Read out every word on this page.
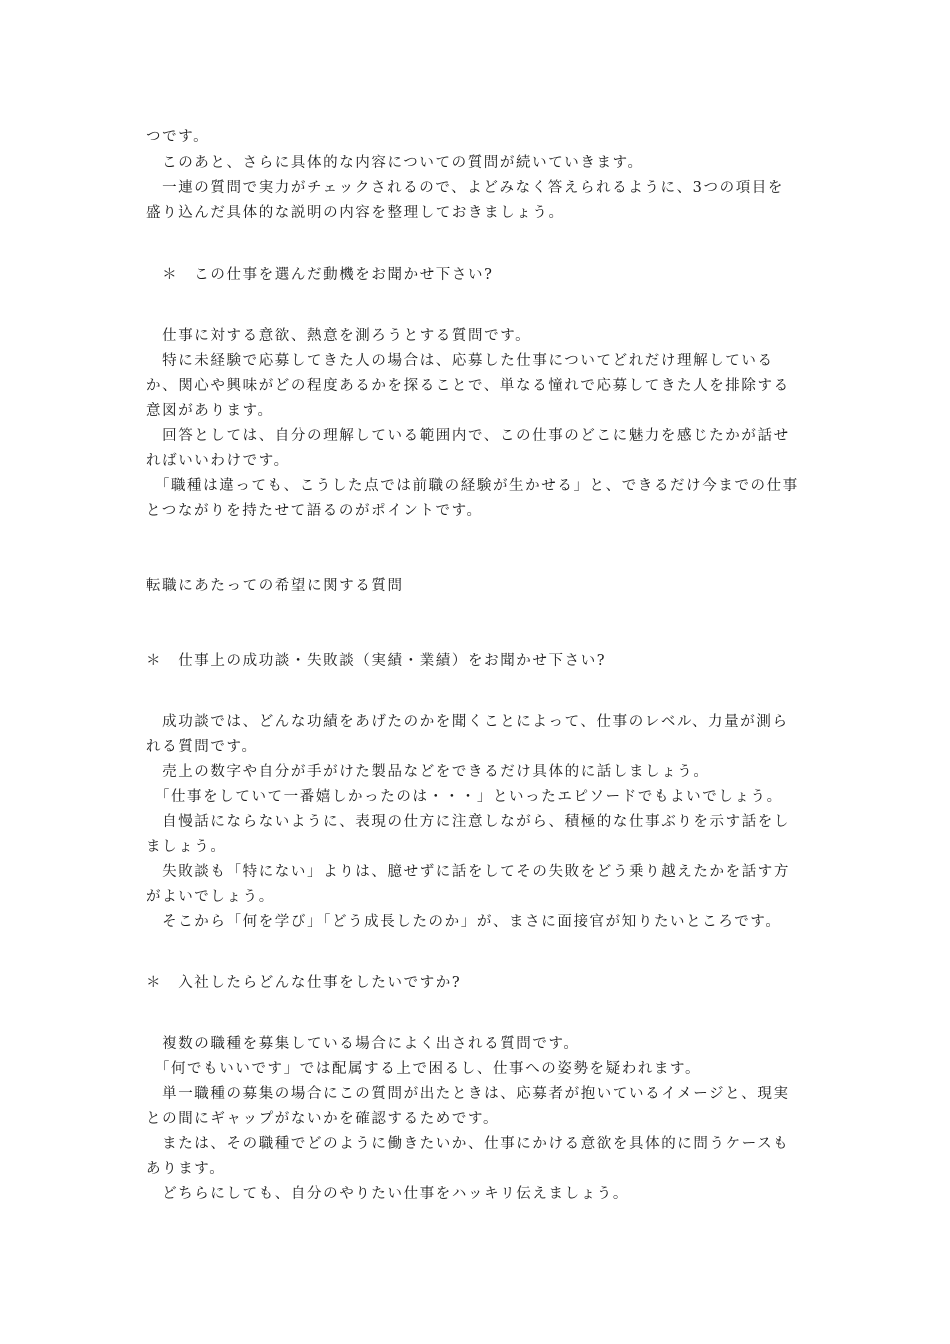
つです。
　このあと、さらに具体的な内容についての質問が続いていきます。
　一連の質問で実力がチェックされるので、よどみなく答えられるように、3つの項目を
盛り込んだ具体的な説明の内容を整理しておきましょう。
　＊　この仕事を選んだ動機をお聞かせ下さい?
　仕事に対する意欲、熱意を測ろうとする質問です。
　特に未経験で応募してきた人の場合は、応募した仕事についてどれだけ理解している
か、関心や興味がどの程度あるかを探ることで、単なる憧れで応募してきた人を排除する
意図があります。
　回答としては、自分の理解している範囲内で、この仕事のどこに魅力を感じたかが話せ
ればいいわけです。
　「職種は違っても、こうした点では前職の経験が生かせる」と、できるだけ今までの仕事
とつながりを持たせて語るのがポイントです。
転職にあたっての希望に関する質問
＊　仕事上の成功談・失敗談（実績・業績）をお聞かせ下さい?
　成功談では、どんな功績をあげたのかを聞くことによって、仕事のレベル、力量が測ら
れる質問です。
　売上の数字や自分が手がけた製品などをできるだけ具体的に話しましょう。
　「仕事をしていて一番嬉しかったのは・・・」といったエピソードでもよいでしょう。
　自慢話にならないように、表現の仕方に注意しながら、積極的な仕事ぶりを示す話をし
ましょう。
　失敗談も「特にない」よりは、臆せずに話をしてその失敗をどう乗り越えたかを話す方
がよいでしょう。
　そこから「何を学び」「どう成長したのか」が、まさに面接官が知りたいところです。
＊　入社したらどんな仕事をしたいですか?
　複数の職種を募集している場合によく出される質問です。
　「何でもいいです」では配属する上で困るし、仕事への姿勢を疑われます。
　単一職種の募集の場合にこの質問が出たときは、応募者が抱いているイメージと、現実
との間にギャップがないかを確認するためです。
　または、その職種でどのように働きたいか、仕事にかける意欲を具体的に問うケースも
あります。
　どちらにしても、自分のやりたい仕事をハッキリ伝えましょう。
